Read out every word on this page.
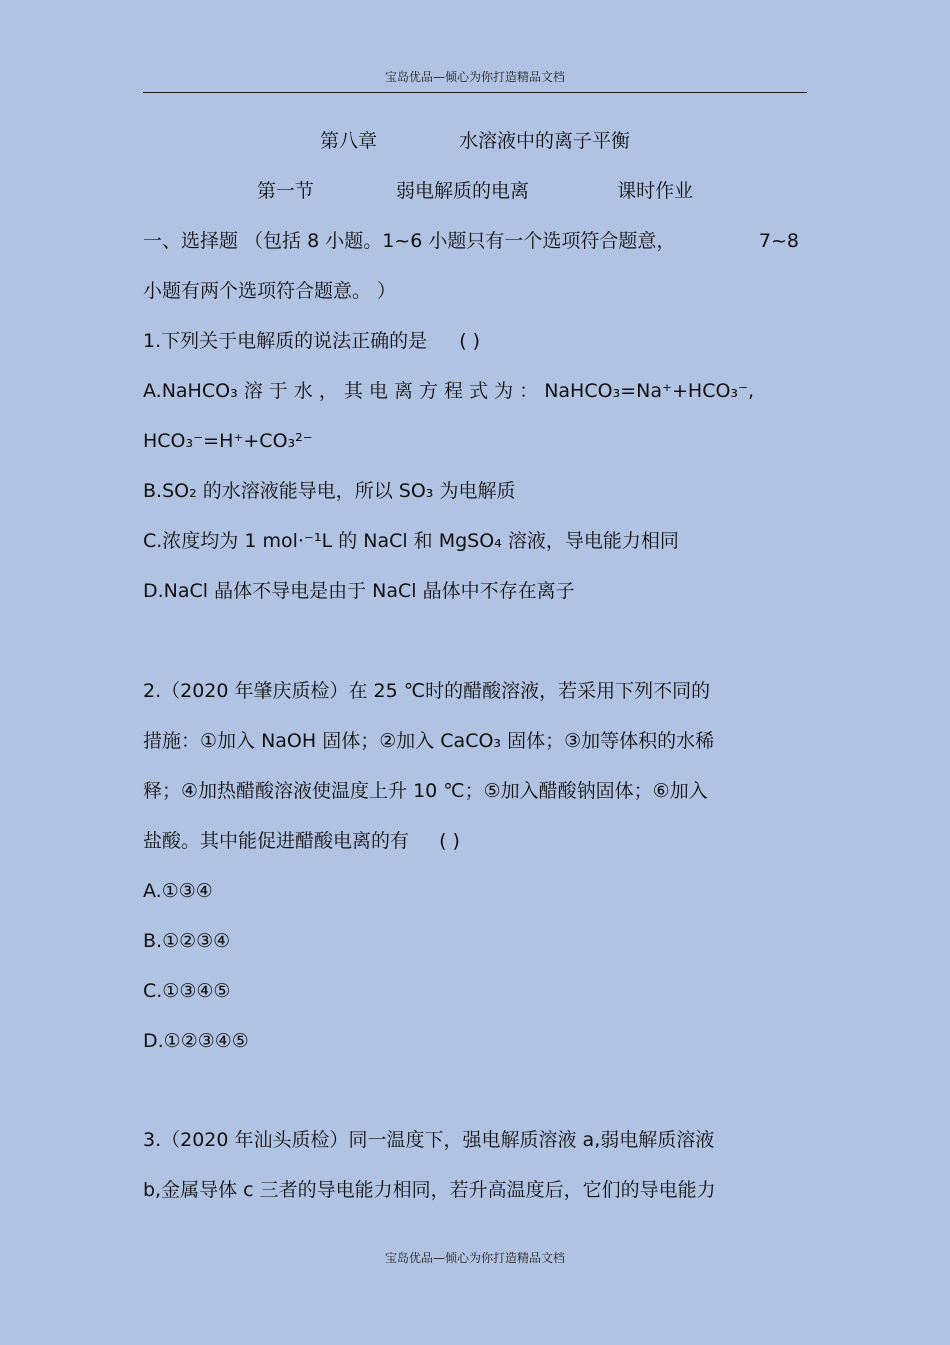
宝岛优品—倾心为你打造精品文档
第八章	水溶液中的离子平衡
第一节	弱电解质的电离	课时作业
一、选择题 （包括 8 小题。1~6 小题只有一个选项符合题意，	7~8
小题有两个选项符合题意。 ）
1.下列关于电解质的说法正确的是 ( )
A.NaHCO₃ 溶 于 水 ， 其 电 离 方 程 式 为 ： NaHCO₃=Na⁺+HCO₃⁻,
HCO₃⁻=H⁺+CO₃²⁻
B.SO₂ 的水溶液能导电，所以 SO₃ 为电解质
C.浓度均为 1 mol·⁻¹L 的 NaCl 和 MgSO₄ 溶液，导电能力相同
D.NaCl 晶体不导电是由于 NaCl 晶体中不存在离子
2.（2020 年肇庆质检）在 25 ℃时的醋酸溶液，若采用下列不同的
措施：①加入 NaOH 固体；②加入 CaCO₃ 固体；③加等体积的水稀
释；④加热醋酸溶液使温度上升 10 ℃；⑤加入醋酸钠固体；⑥加入
盐酸。其中能促进醋酸电离的有 ( )
A.①③④
B.①②③④
C.①③④⑤
D.①②③④⑤
3.（2020 年汕头质检）同一温度下，强电解质溶液 a,弱电解质溶液
b,金属导体 c 三者的导电能力相同，若升高温度后，它们的导电能力
宝岛优品—倾心为你打造精品文档
